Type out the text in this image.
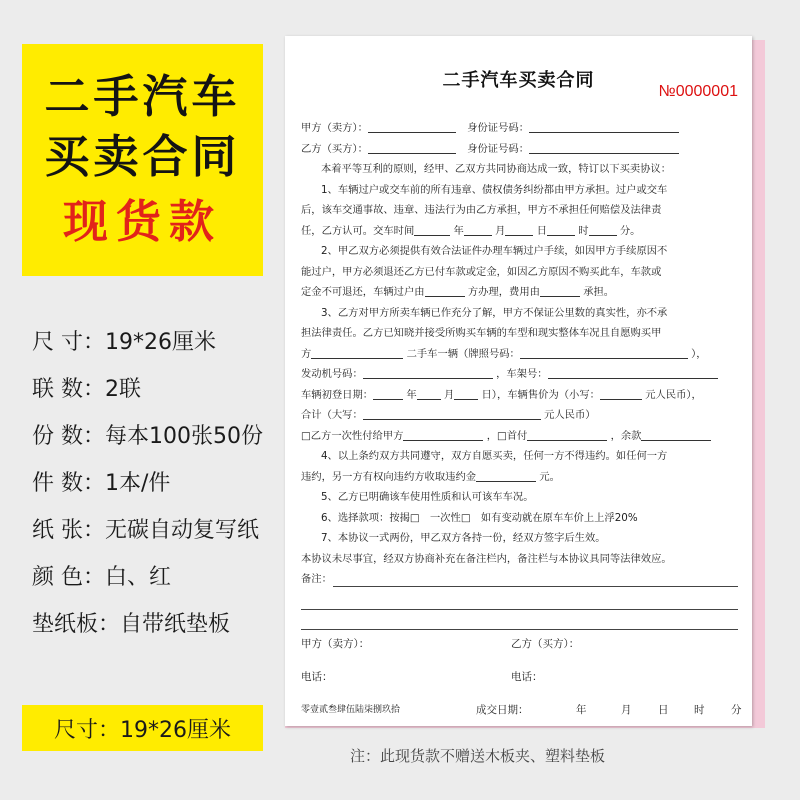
二手汽车
买卖合同
现货款
尺 寸：19*26厘米
联 数：2联
份 数：每本100张50份
件 数：1本/件
纸 张：无碳自动复写纸
颜 色：白、红
垫纸板：自带纸垫板
尺寸：19*26厘米
二手汽车买卖合同
№0000001
甲方（卖方）：	身份证号码：
乙方（买方）：	身份证号码：
本着平等互利的原则，经甲、乙双方共同协商达成一致，特订以下买卖协议：
1、车辆过户或交车前的所有违章、债权债务纠纷都由甲方承担。过户或交车
后，该车交通事故、违章、违法行为由乙方承担，甲方不承担任何赔偿及法律责
任，乙方认可。交车时间	年	月	日	时	分。
2、甲乙双方必须提供有效合法证件办理车辆过户手续，如因甲方手续原因不
能过户，甲方必须退还乙方已付车款或定金，如因乙方原因不购买此车，车款或
定金不可退还，车辆过户由	方办理，费用由	承担。
3、乙方对甲方所卖车辆已作充分了解，甲方不保证公里数的真实性，亦不承
担法律责任。乙方已知晓并接受所购买车辆的车型和现实整体车况且自愿购买甲
方	二手车一辆（牌照号码：	），
发动机号码：	，车架号：
车辆初登日期：	年	月	日），车辆售价为（小写：	元人民币），
合计（大写：	元人民币）
□乙方一次性付给甲方	，□首付	，余款
4、以上条约双方共同遵守，双方自愿买卖，任何一方不得违约。如任何一方
违约，另一方有权向违约方收取违约金	元。
5、乙方已明确该车使用性质和认可该车车况。
6、选择款项：按揭□　一次性□　如有变动就在原车车价上上浮20%
7、本协议一式两份，甲乙双方各持一份，经双方签字后生效。
本协议未尽事宜，经双方协商补充在备注栏内，备注栏与本协议具同等法律效应。
备注：
甲方（卖方）：	乙方（买方）：
电话：	电话：
零壹贰叁肆伍陆柒捌玖拾	成交日期：	年	月	日 时	分
注：此现货款不赠送木板夹、塑料垫板
